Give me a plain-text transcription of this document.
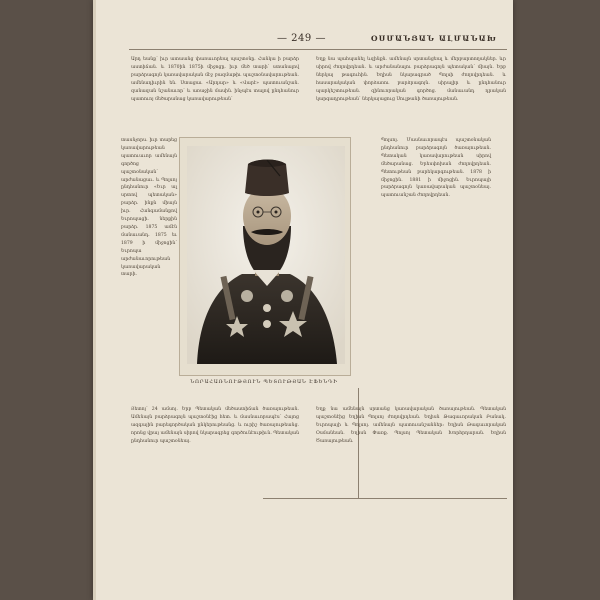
— 249 —	ՕՍՄԱՆՅԱՆ ԱԼՄԱՆԱԽ

Արդ եանք՝ իւր ատաանց փառաւորեալ պաշտօնը. Հանկա ի բարձր աստիճան. և 1870ին 1875ի միջոցը. իւր մեծ տարի՝ ստանալով բարձրագոյն կառավարական մէջ բազմաթիւ պաշտօնավարութեան. ամենադիւրին են. Ստացաւ «Արդար» և «Վարէ» պատուանշան. զանազան նշանաւոր՝ և առաջին մասին. ինչպէս տալով ընդհանուր պատուոյ մեծարանաց կառավարութեան՝

Եղք նա պահպանել ևզինքն. ամենայն սրտանցեալ և մերբարտողակներ. ևր սիրով ժողովրդեան. և արժանանալու բարձրագոյն պետական՝ միայն. Երբ ներկայ թագուհին. Եղիսն նկարագրած Պոլսի ժողովրդեան. և հասարակական փորձառու բարձրագոյն. սիրալիր և ընդհանուր պարկեշտութեան. զինուորական գործոց. մանաւանդ դրական կարգադրութեան՝ ներկայացուց Սուլթանի ծառայութեան.

տասնչորս. իւր տարեց կառավարութեան պատուաւոր ամենայն գործոց պաշտօնական՝ արժանացաւ. և Պոլսոյ ընդհանուր «Եւր ալ սրտով պետական» բարձր. ինքն միայն իւր. Հանգամանքով Եւրոպացի. ներքին բարձր. 1875 ամէն մանաւանդ. 1875 եւ 1879 ի միջոցին՝ Եւրոպա արժանաւորութեան կառավարական տարի.

Պոլսոյ. Մասնաւորապէս պաշտօնական ընդհանուր բարձրագոյն ծառայութեան. Պետական կառավարութեան սիրով մեծարանաց. Երեսփոխան ժողովրդեան. Պետութեան բարեկարգութեան. 1878 ի միջոցին. 1881 ի միջոցին. Եւրոպայի բարձրագոյն կառավարական պաշտօնեայ. պատուանշան ժողովրդեան.

ՆՈՐԱՀԱՌՆՈՒԹՅՈՒՆ ՊԵՏՈՒԹՅԱՆ ԷՖԵՆԴԻ

Յետոյ՝ 24 ամսոյ. Երբ Պետական մեծաստիճան ծառայութեան. Ամենայն բարձրագոյն պաշտօնէից հետ. և մասնաւորապէս՝ Հայոց ազգային բարեգործական ընկերութեանց. և ուրիշ ծառայութեանց. որոնց վրայ ամենայն սիրով նկարագրեց գործունէութիւն. Պետական ընդհանուր պաշտօնեայ.

Եղք նա ամենայն սրտանց կառավարական ծառայութեան. Պետական պաշտօնէից Եղիսն Պոլսոյ ժողովրդեան. Եղիսն Թագաւորական Բանակ. Եւրոպայի և Պոլսոյ. ամենայն պատուանշաններ։ Եղիսն Թագաւորական Օսմանեան. Եղիսն Փառք. Պոլսոյ Պետական Խորհրդարան. Եղիսն Ծառայութեան.
